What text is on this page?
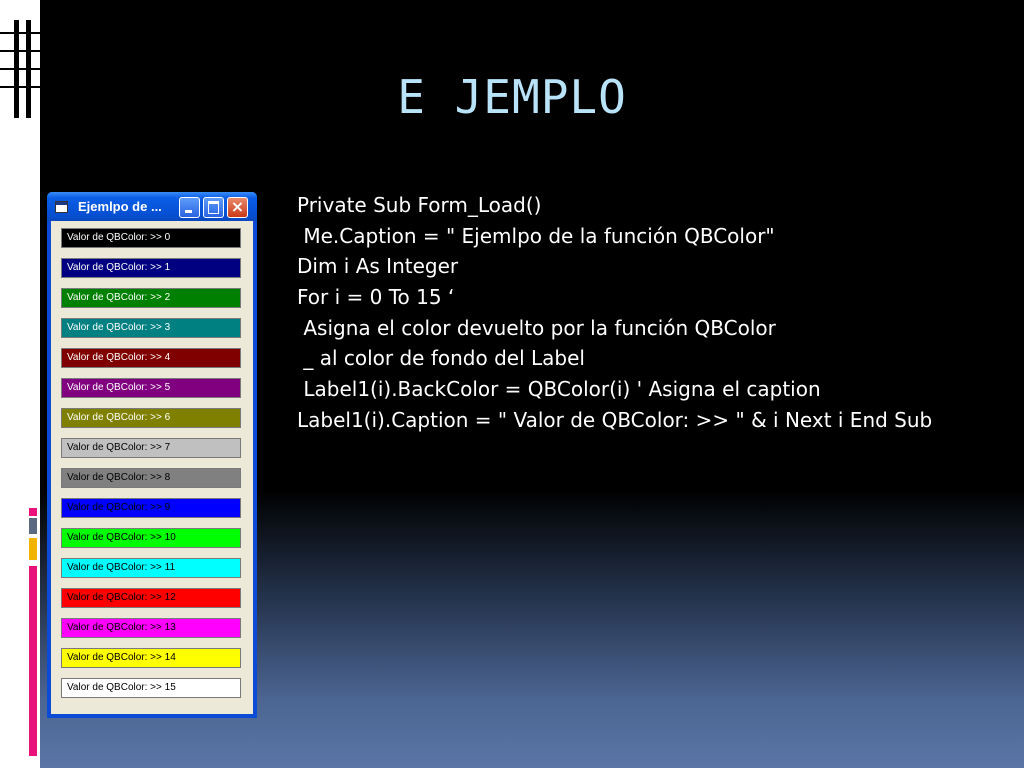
E JEMPLO
Private Sub Form_Load()
Me.Caption = " Ejemlpo de la función QBColor"
Dim i As Integer
For i = 0 To 15 ‘
Asigna el color devuelto por la función QBColor
_ al color de fondo del Label
Label1(i).BackColor = QBColor(i) ' Asigna el caption
Label1(i).Caption = " Valor de QBColor: >> " & i Next i End Sub
Ejemlpo de ...	×
Valor de QBColor: >> 0
Valor de QBColor: >> 1
Valor de QBColor: >> 2
Valor de QBColor: >> 3
Valor de QBColor: >> 4
Valor de QBColor: >> 5
Valor de QBColor: >> 6
Valor de QBColor: >> 7
Valor de QBColor: >> 8
Valor de QBColor: >> 9
Valor de QBColor: >> 10
Valor de QBColor: >> 11
Valor de QBColor: >> 12
Valor de QBColor: >> 13
Valor de QBColor: >> 14
Valor de QBColor: >> 15
